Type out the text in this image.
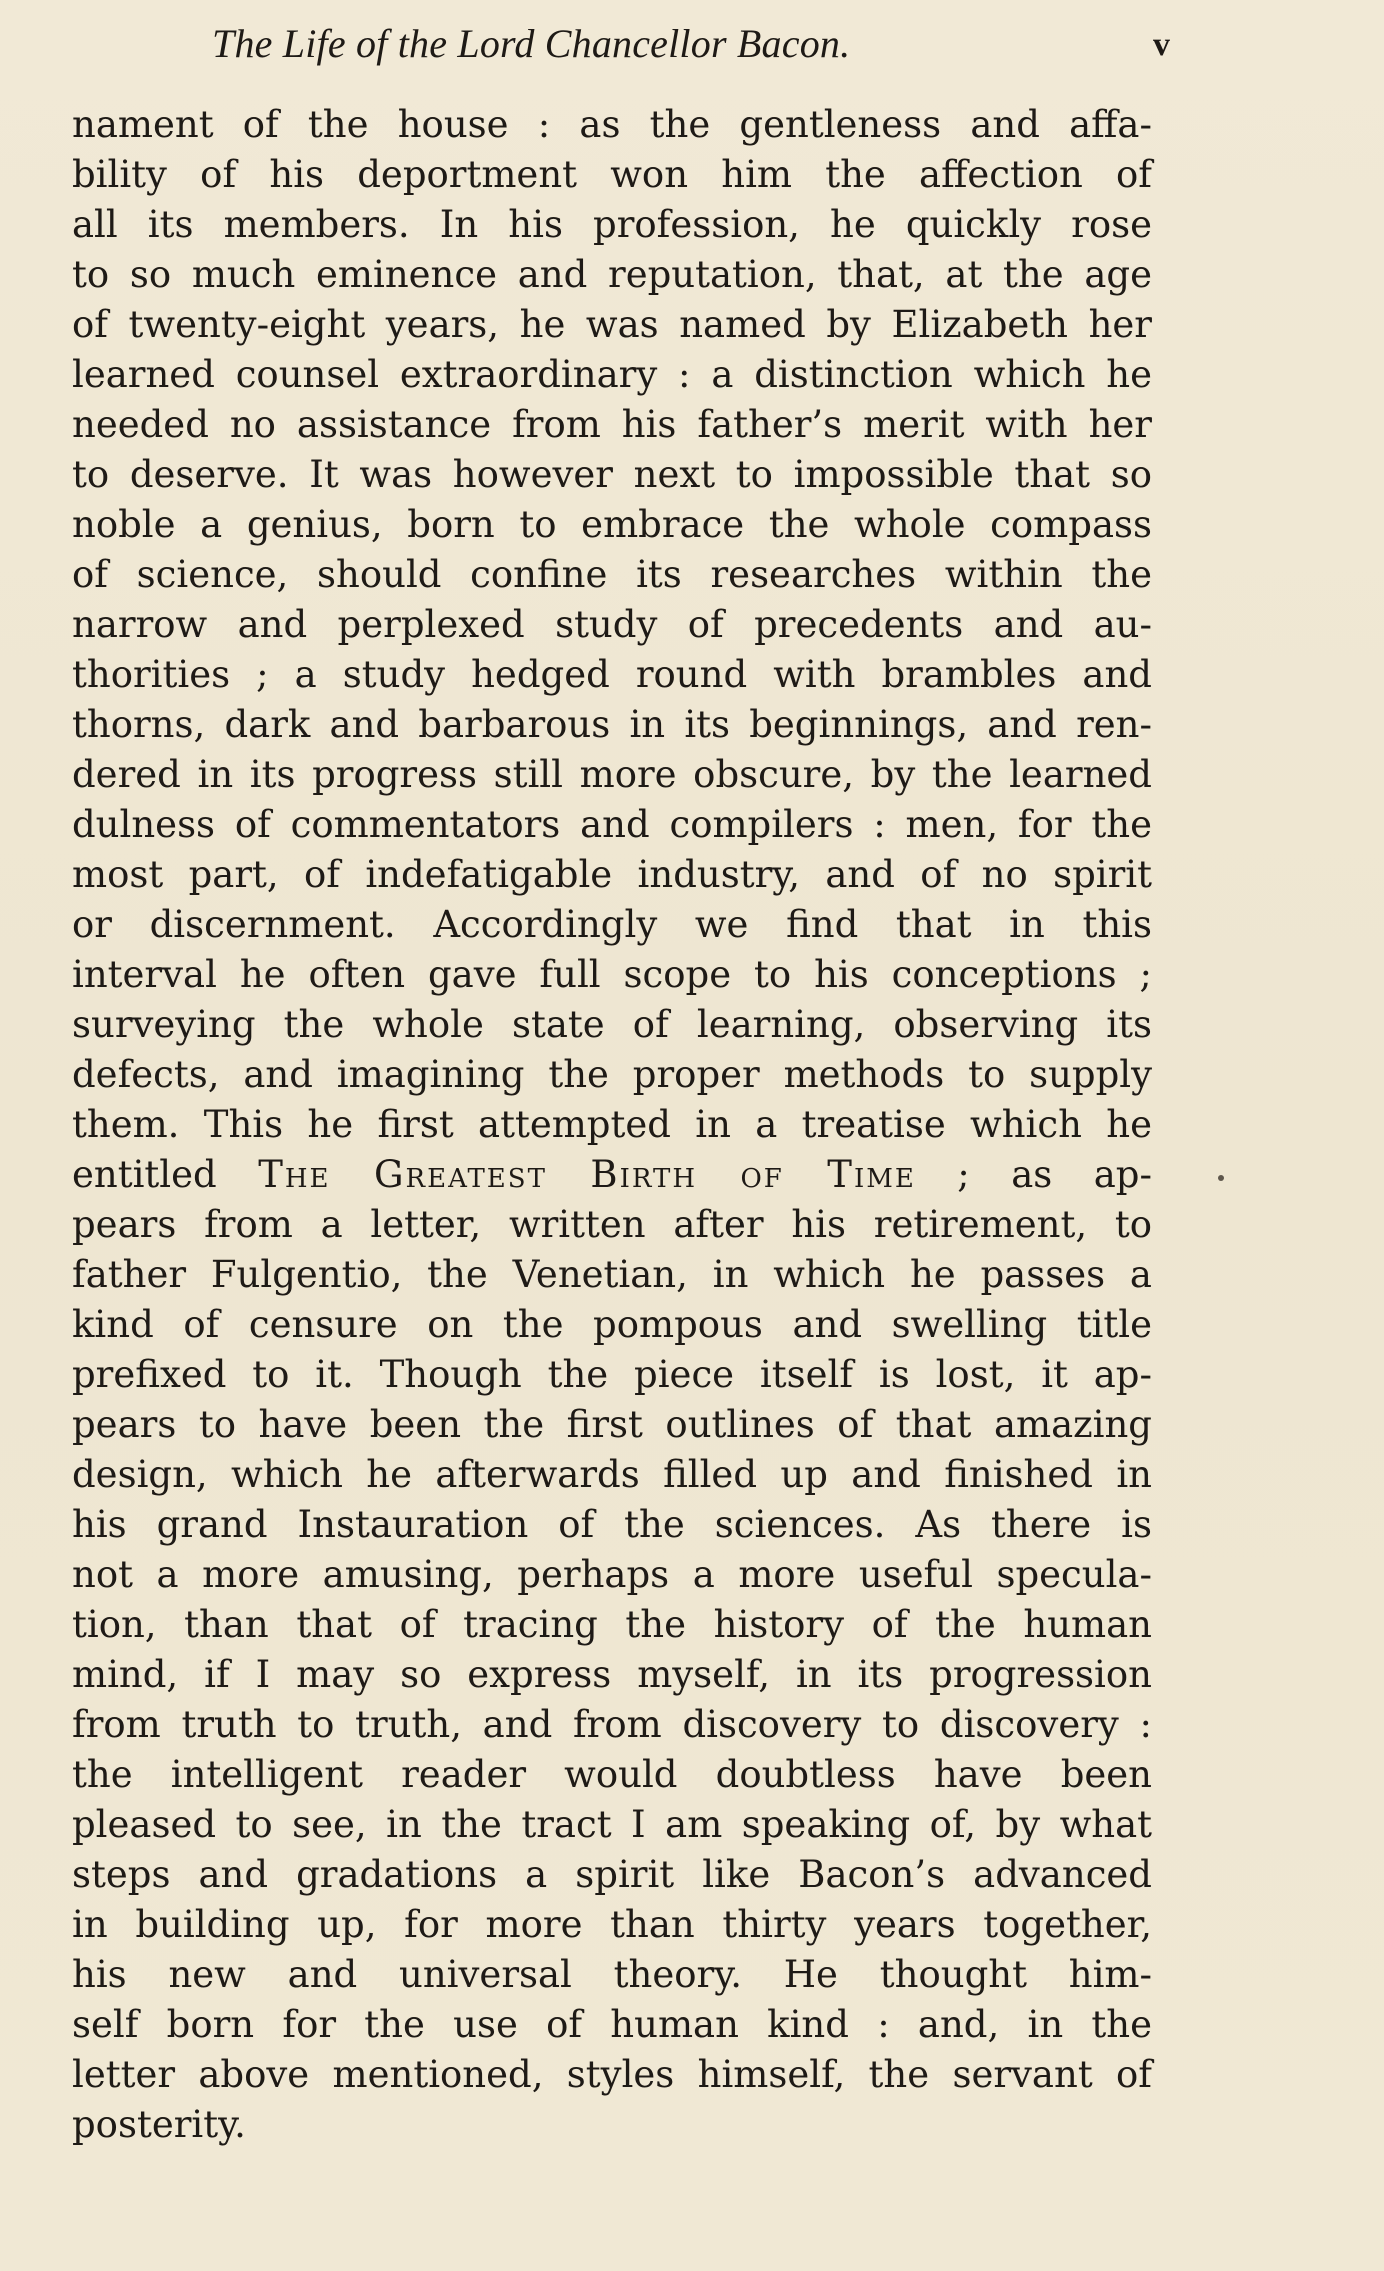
The Life of the Lord Chancellor Bacon.	v
nament of the house : as the gentleness and affa-
bility of his deportment won him the affection of
all its members. In his profession, he quickly rose
to so much eminence and reputation, that, at the age
of twenty-eight years, he was named by Elizabeth her
learned counsel extraordinary : a distinction which he
needed no assistance from his father’s merit with her
to deserve. It was however next to impossible that so
noble a genius, born to embrace the whole compass
of science, should confine its researches within the
narrow and perplexed study of precedents and au-
thorities ; a study hedged round with brambles and
thorns, dark and barbarous in its beginnings, and ren-
dered in its progress still more obscure, by the learned
dulness of commentators and compilers : men, for the
most part, of indefatigable industry, and of no spirit
or discernment. Accordingly we find that in this
interval he often gave full scope to his conceptions ;
surveying the whole state of learning, observing its
defects, and imagining the proper methods to supply
them. This he first attempted in a treatise which he
entitled The Greatest Birth of Time ; as ap-
pears from a letter, written after his retirement, to
father Fulgentio, the Venetian, in which he passes a
kind of censure on the pompous and swelling title
prefixed to it. Though the piece itself is lost, it ap-
pears to have been the first outlines of that amazing
design, which he afterwards filled up and finished in
his grand Instauration of the sciences. As there is
not a more amusing, perhaps a more useful specula-
tion, than that of tracing the history of the human
mind, if I may so express myself, in its progression
from truth to truth, and from discovery to discovery :
the intelligent reader would doubtless have been
pleased to see, in the tract I am speaking of, by what
steps and gradations a spirit like Bacon’s advanced
in building up, for more than thirty years together,
his new and universal theory. He thought him-
self born for the use of human kind : and, in the
letter above mentioned, styles himself, the servant of
posterity.
